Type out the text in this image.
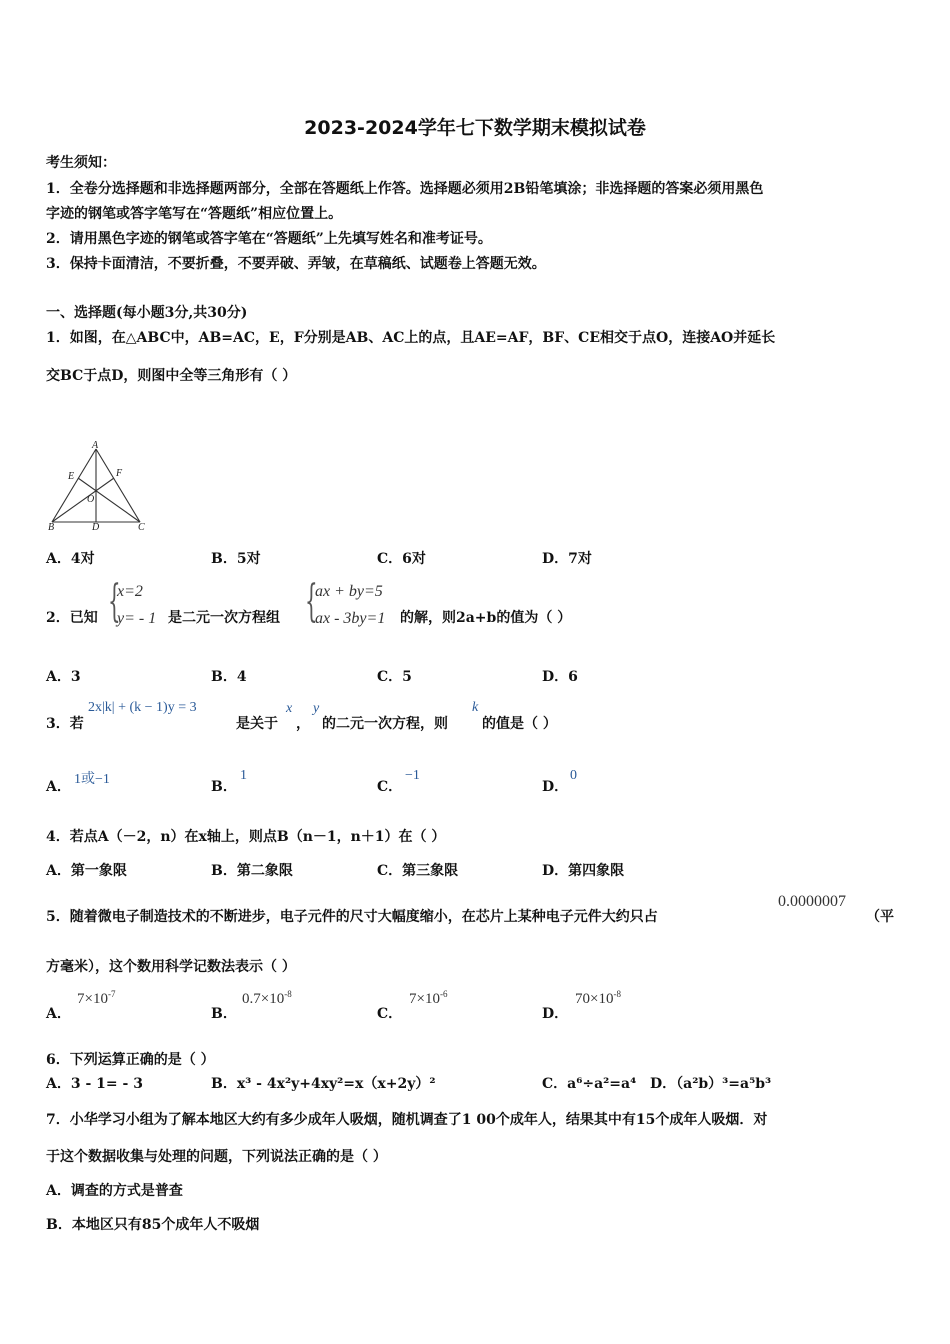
2023-2024学年七下数学期末模拟试卷
考生须知：
1．全卷分选择题和非选择题两部分，全部在答题纸上作答。选择题必须用2B铅笔填涂；非选择题的答案必须用黑色
字迹的钢笔或答字笔写在“答题纸”相应位置上。
2．请用黑色字迹的钢笔或答字笔在“答题纸”上先填写姓名和准考证号。
3．保持卡面清洁，不要折叠，不要弄破、弄皱，在草稿纸、试题卷上答题无效。
一、选择题(每小题3分,共30分)
1．如图，在△ABC中，AB=AC，E，F分别是AB、AC上的点，且AE=AF，BF、CE相交于点O，连接AO并延长
交BC于点D，则图中全等三角形有（ ）
A
B	C
D
E	F
O
A．4对	B．5对	C．6对	D．7对
2．已知 {
x=2
y= - 1 是二元一次方程组 {
ax + by=5
ax - 3by=1 的解，则2a+b的值为（ ）
A．3	B．4	C．5	D．6
3．若
2x|k| + (k − 1)y = 3
是关于
x
，
y
的二元一次方程，则
k
的值是（ ）
A． 1或−1	B．
1
C．
−1
D．
0
4．若点A（－2，n）在x轴上，则点B（n－1，n＋1）在（ ）
A．第一象限	B．第二象限	C．第三象限	D．第四象限
5．随着微电子制造技术的不断进步，电子元件的尺寸大幅度缩小，在芯片上某种电子元件大约只占
0.0000007
（平
方毫米），这个数用科学记数法表示（ ）
A．
$7\times 10^{-7}$
B．
$0.7\times 10^{-8}$
C．
$7\times 10^{-6}$
D．
$70\times 10^{-8}$
6．下列运算正确的是（ ）
A．3 - 1= - 3	B．x³ - 4x²y+4xy²=x（x+2y）²	C．a⁶÷a²=a⁴ D．（a²b）³=a⁵b³
7．小华学习小组为了解本地区大约有多少成年人吸烟，随机调查了1 00个成年人，结果其中有15个成年人吸烟．对
于这个数据收集与处理的问题，下列说法正确的是（ ）
A．调查的方式是普查
B．本地区只有85个成年人不吸烟
